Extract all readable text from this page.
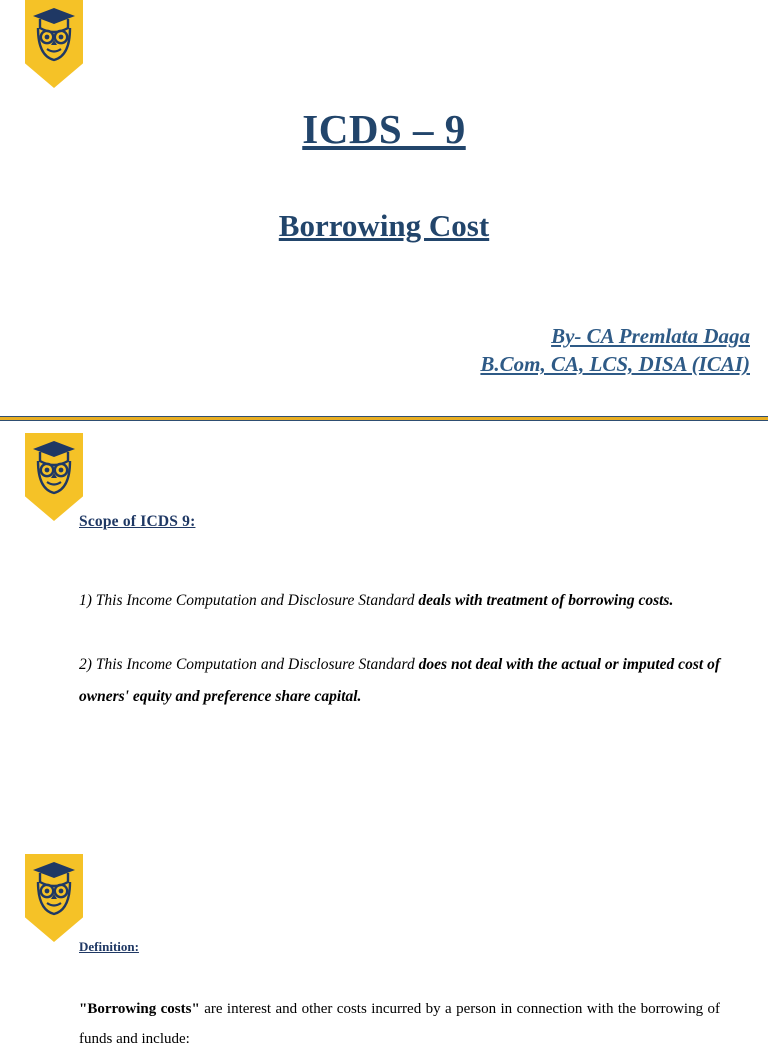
ICDS – 9
Borrowing Cost
By- CA Premlata Daga
B.Com, CA, LCS, DISA (ICAI)
Scope of ICDS 9:

1) This Income Computation and Disclosure Standard deals with treatment of borrowing costs.

2) This Income Computation and Disclosure Standard does not deal with the actual or imputed cost of owners' equity and preference share capital.

Definition:

"Borrowing costs" are interest and other costs incurred by a person in connection with the borrowing of funds and include:
